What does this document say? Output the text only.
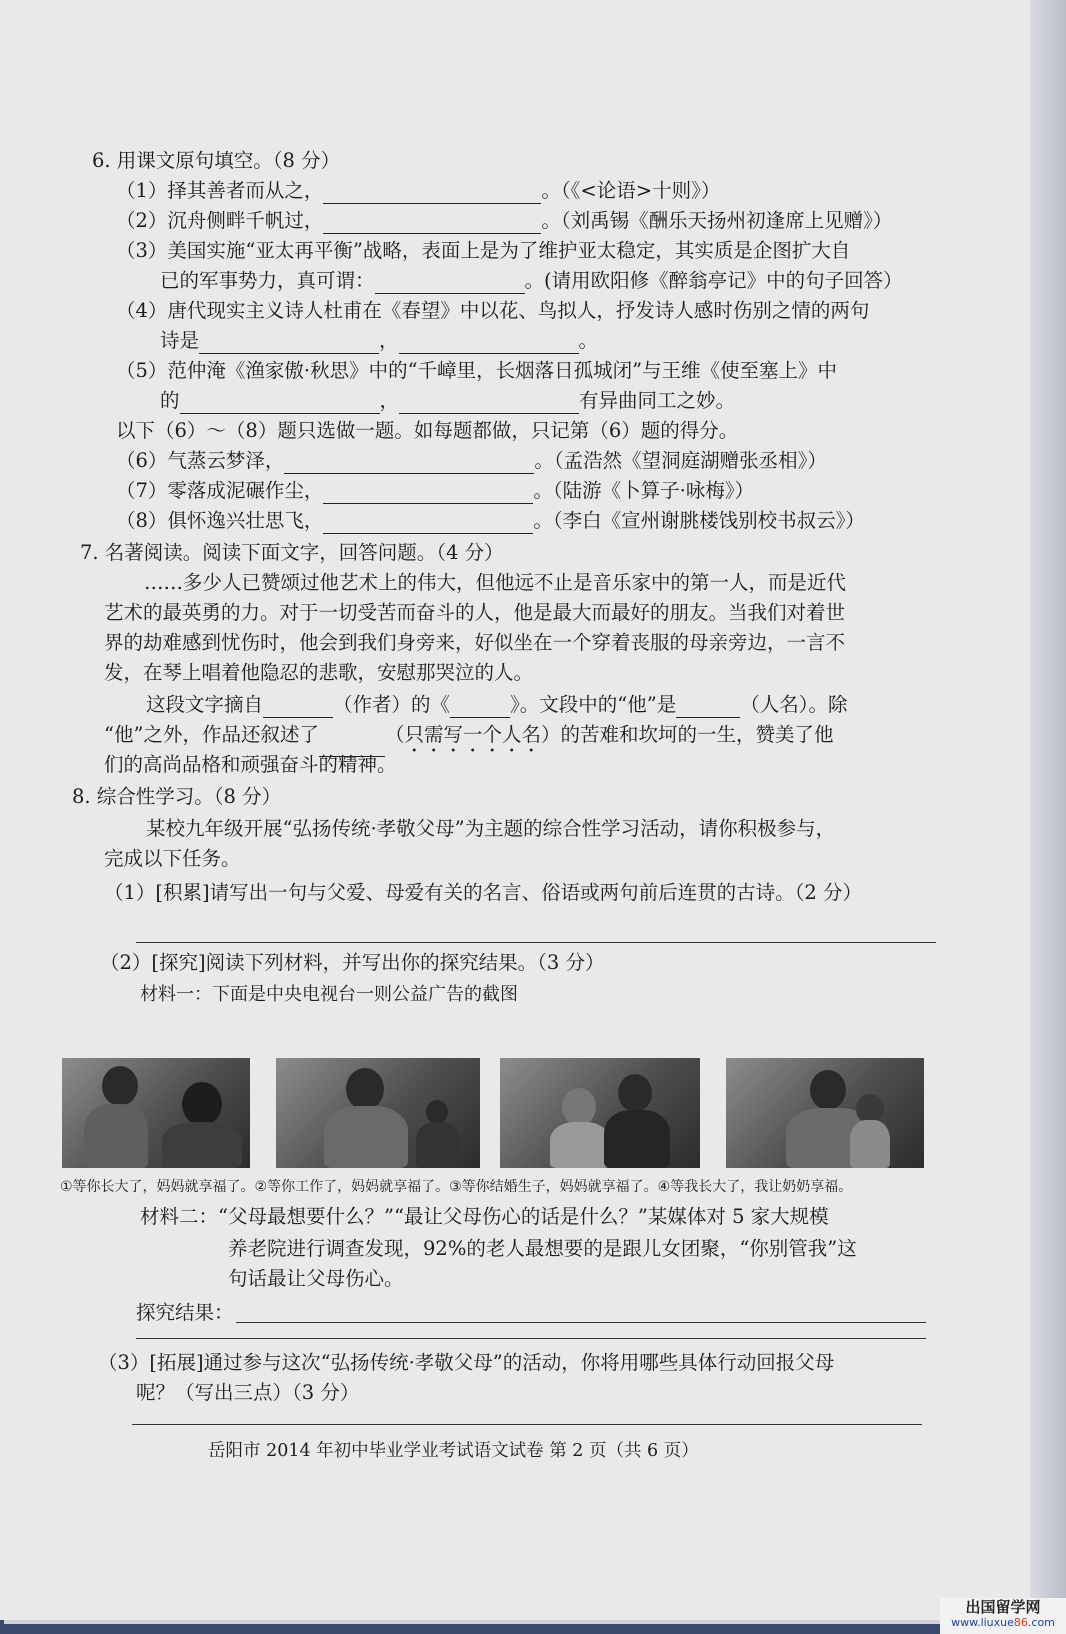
6. 用课文原句填空。（8 分）
（1）择其善者而从之，	。（《<论语>十则》）
（2）沉舟侧畔千帆过，	。（刘禹锡《酬乐天扬州初逢席上见赠》）
（3）美国实施“亚太再平衡”战略，表面上是为了维护亚太稳定，其实质是企图扩大自
已的军事势力，真可谓：	。(请用欧阳修《醉翁亭记》中的句子回答）
（4）唐代现实主义诗人杜甫在《春望》中以花、鸟拟人，抒发诗人感时伤别之情的两句
诗是	，	。
（5）范仲淹《渔家傲·秋思》中的“千嶂里，长烟落日孤城闭”与王维《使至塞上》中
的	，	有异曲同工之妙。
以下（6）～（8）题只选做一题。如每题都做，只记第（6）题的得分。
（6）气蒸云梦泽，	。（孟浩然《望洞庭湖赠张丞相》）
（7）零落成泥碾作尘，	。（陆游《卜算子·咏梅》）
（8）俱怀逸兴壮思飞，	。（李白《宣州谢朓楼饯别校书叔云》）
7. 名著阅读。阅读下面文字，回答问题。（4 分）
……多少人已赞颂过他艺术上的伟大，但他远不止是音乐家中的第一人，而是近代
艺术的最英勇的力。对于一切受苦而奋斗的人，他是最大而最好的朋友。当我们对着世
界的劫难感到忧伤时，他会到我们身旁来，好似坐在一个穿着丧服的母亲旁边，一言不
发，在琴上唱着他隐忍的悲歌，安慰那哭泣的人。
这段文字摘自	（作者）的《	》。文段中的“他”是	（人名）。除
“他”之外，作品还叙述了	（只需写一个人名）的苦难和坎坷的一生，赞美了他
们的高尚品格和顽强奋斗的精神。
8. 综合性学习。（8 分）
某校九年级开展“弘扬传统·孝敬父母”为主题的综合性学习活动，请你积极参与，
完成以下任务。
（1）[积累]请写出一句与父爱、母爱有关的名言、俗语或两句前后连贯的古诗。（2 分）
（2）[探究]阅读下列材料，并写出你的探究结果。（3 分）
材料一：下面是中央电视台一则公益广告的截图
①等你长大了，妈妈就享福了。②等你工作了，妈妈就享福了。③等你结婚生子，妈妈就享福了。④等我长大了，我让奶奶享福。
材料二：“父母最想要什么？”“最让父母伤心的话是什么？”某媒体对 5 家大规模
养老院进行调查发现，92%的老人最想要的是跟儿女团聚，“你别管我”这
句话最让父母伤心。
探究结果：
（3）[拓展]通过参与这次“弘扬传统·孝敬父母”的活动，你将用哪些具体行动回报父母
呢？（写出三点）（3 分）
岳阳市 2014 年初中毕业学业考试语文试卷 第 2 页（共 6 页）
出国留学网
www.liuxue86.com
